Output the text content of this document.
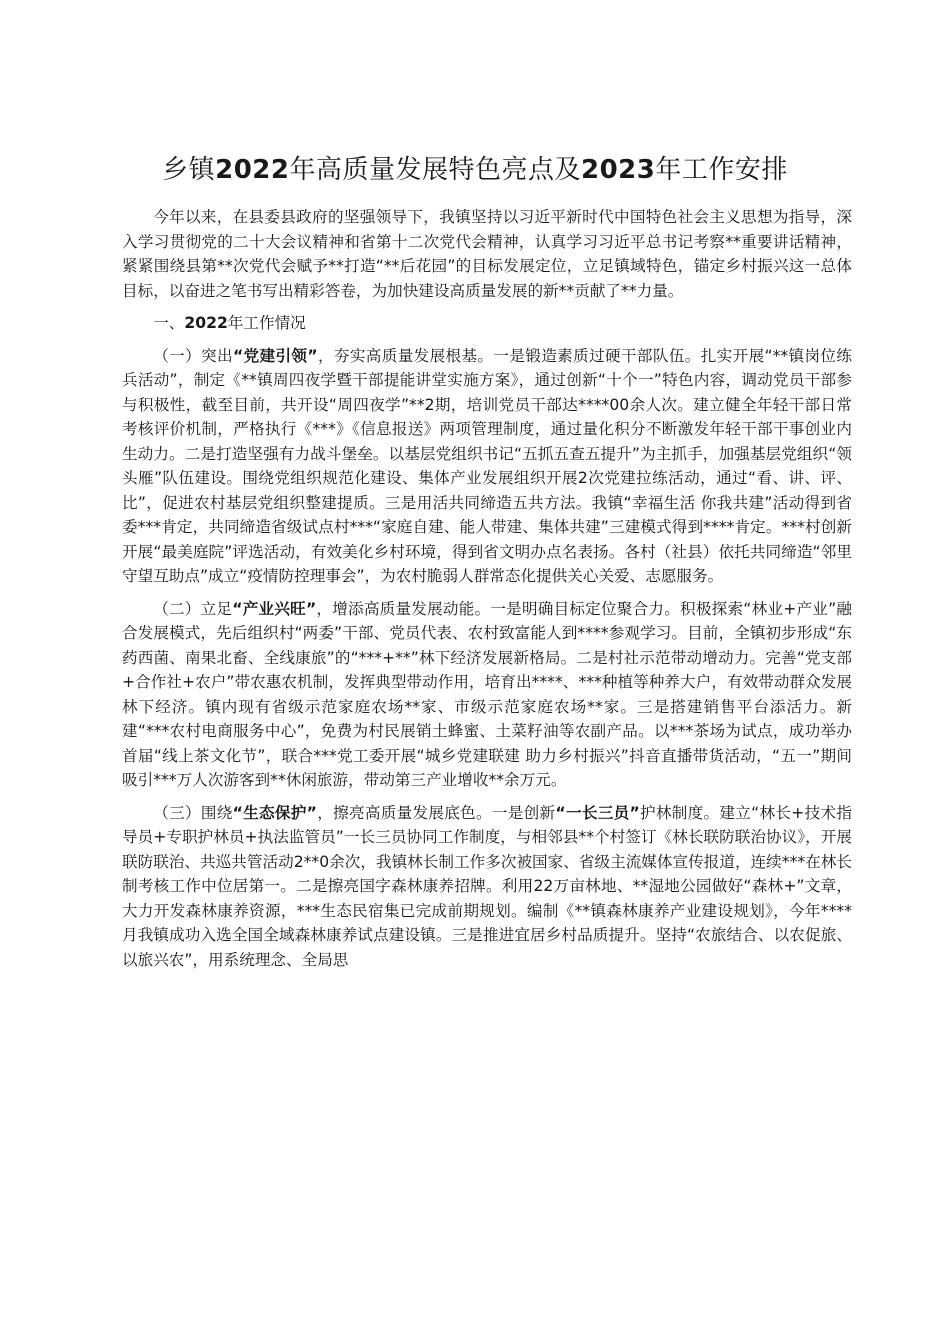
乡镇2022年高质量发展特色亮点及2023年工作安排

今年以来，在县委县政府的坚强领导下，我镇坚持以习近平新时代中国特色社会主义思想为指导，深入学习贯彻党的二十大会议精神和省第十二次党代会精神，认真学习习近平总书记考察**重要讲话精神，紧紧围绕县第**次党代会赋予**打造“**后花园”的目标发展定位，立足镇域特色，锚定乡村振兴这一总体目标，以奋进之笔书写出精彩答卷，为加快建设高质量发展的新**贡献了**力量。

一、2022年工作情况

（一）突出“党建引领”，夯实高质量发展根基。一是锻造素质过硬干部队伍。扎实开展“**镇岗位练兵活动”，制定《**镇周四夜学暨干部提能讲堂实施方案》，通过创新“十个一”特色内容，调动党员干部参与积极性，截至目前，共开设“周四夜学”**2期，培训党员干部达****00余人次。建立健全年轻干部日常考核评价机制，严格执行《***》《信息报送》两项管理制度，通过量化积分不断激发年轻干部干事创业内生动力。二是打造坚强有力战斗堡垒。以基层党组织书记“五抓五查五提升”为主抓手，加强基层党组织“领头雁”队伍建设。围绕党组织规范化建设、集体产业发展组织开展2次党建拉练活动，通过“看、讲、评、比”，促进农村基层党组织整建提质。三是用活共同缔造五共方法。我镇“幸福生活 你我共建”活动得到省委***肯定，共同缔造省级试点村***“家庭自建、能人带建、集体共建”三建模式得到****肯定。***村创新开展“最美庭院”评选活动，有效美化乡村环境，得到省文明办点名表扬。各村（社县）依托共同缔造“邻里守望互助点”成立“疫情防控理事会”，为农村脆弱人群常态化提供关心关爱、志愿服务。

（二）立足“产业兴旺”，增添高质量发展动能。一是明确目标定位聚合力。积极探索“林业+产业”融合发展模式，先后组织村“两委”干部、党员代表、农村致富能人到****参观学习。目前，全镇初步形成“东药西菌、南果北畜、全线康旅”的“***+**”林下经济发展新格局。二是村社示范带动增动力。完善“党支部+合作社+农户”带农惠农机制，发挥典型带动作用，培育出****、***种植等种养大户，有效带动群众发展林下经济。镇内现有省级示范家庭农场**家、市级示范家庭农场**家。三是搭建销售平台添活力。新建“***农村电商服务中心”，免费为村民展销土蜂蜜、土菜籽油等农副产品。以***茶场为试点，成功举办首届“线上茶文化节”，联合***党工委开展“城乡党建联建 助力乡村振兴”抖音直播带货活动，“五一”期间吸引***万人次游客到**休闲旅游，带动第三产业增收**余万元。

（三）围绕“生态保护”，擦亮高质量发展底色。一是创新“一长三员”护林制度。建立“林长+技术指导员+专职护林员+执法监管员”一长三员协同工作制度，与相邻县**个村签订《林长联防联治协议》，开展联防联治、共巡共管活动2**0余次，我镇林长制工作多次被国家、省级主流媒体宣传报道，连续***在林长制考核工作中位居第一。二是擦亮国字森林康养招牌。利用22万亩林地、**湿地公园做好“森林+”文章，大力开发森林康养资源，***生态民宿集已完成前期规划。编制《**镇森林康养产业建设规划》，今年****月我镇成功入选全国全域森林康养试点建设镇。三是推进宜居乡村品质提升。坚持“农旅结合、以农促旅、以旅兴农”，用系统理念、全局思
